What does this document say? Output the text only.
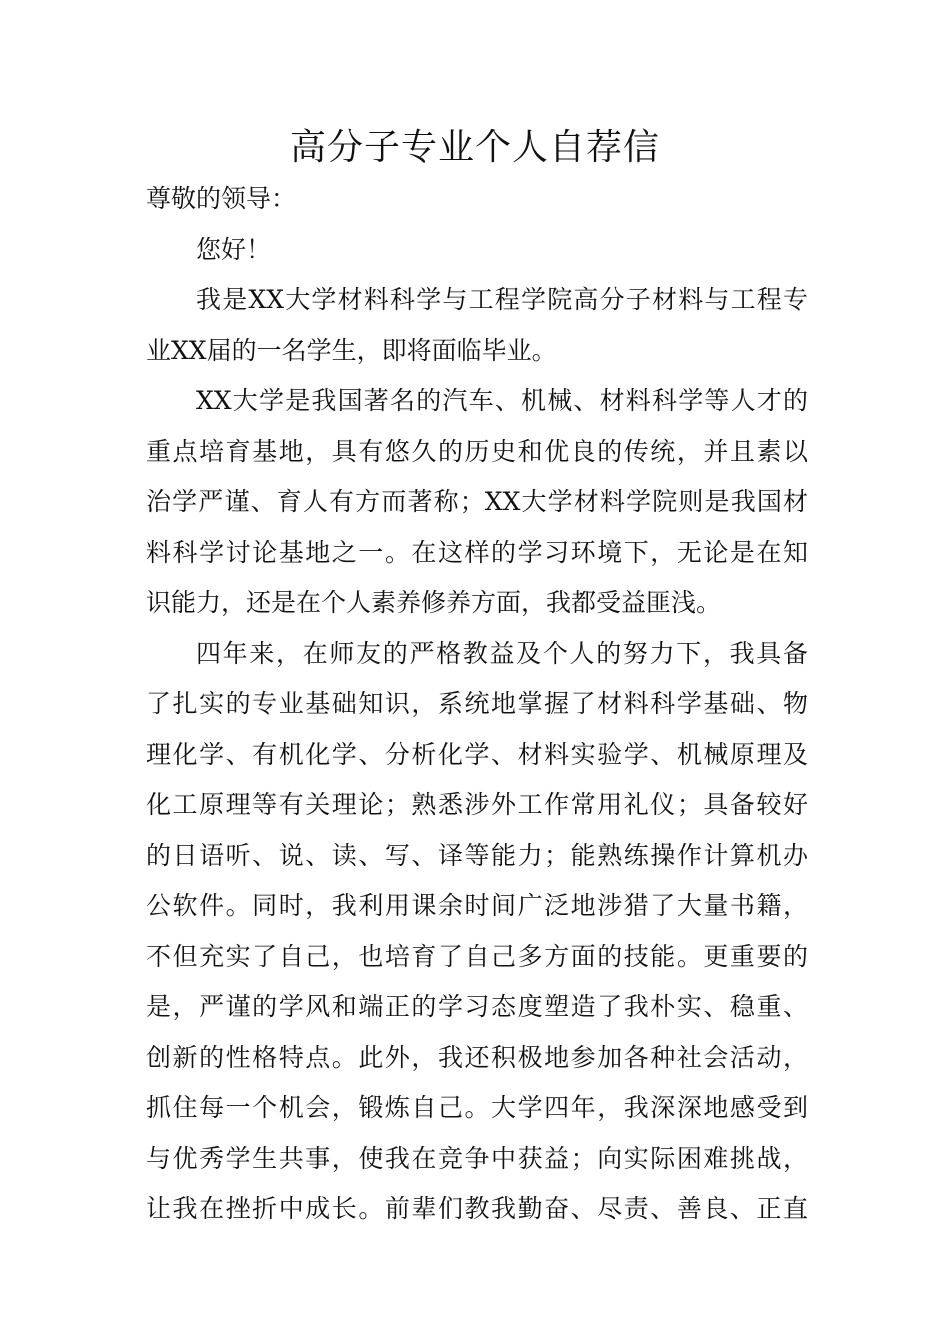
高分子专业个人自荐信
尊敬的领导：
您好！
我是XX大学材料科学与工程学院高分子材料与工程专
业XX届的一名学生，即将面临毕业。
XX大学是我国著名的汽车、机械、材料科学等人才的
重点培育基地，具有悠久的历史和优良的传统，并且素以
治学严谨、育人有方而著称；XX大学材料学院则是我国材
料科学讨论基地之一。在这样的学习环境下，无论是在知
识能力，还是在个人素养修养方面，我都受益匪浅。
四年来，在师友的严格教益及个人的努力下，我具备
了扎实的专业基础知识，系统地掌握了材料科学基础、物
理化学、有机化学、分析化学、材料实验学、机械原理及
化工原理等有关理论；熟悉涉外工作常用礼仪；具备较好
的日语听、说、读、写、译等能力；能熟练操作计算机办
公软件。同时，我利用课余时间广泛地涉猎了大量书籍，
不但充实了自己，也培育了自己多方面的技能。更重要的
是，严谨的学风和端正的学习态度塑造了我朴实、稳重、
创新的性格特点。此外，我还积极地参加各种社会活动，
抓住每一个机会，锻炼自己。大学四年，我深深地感受到
与优秀学生共事，使我在竞争中获益；向实际困难挑战，
让我在挫折中成长。前辈们教我勤奋、尽责、善良、正直
